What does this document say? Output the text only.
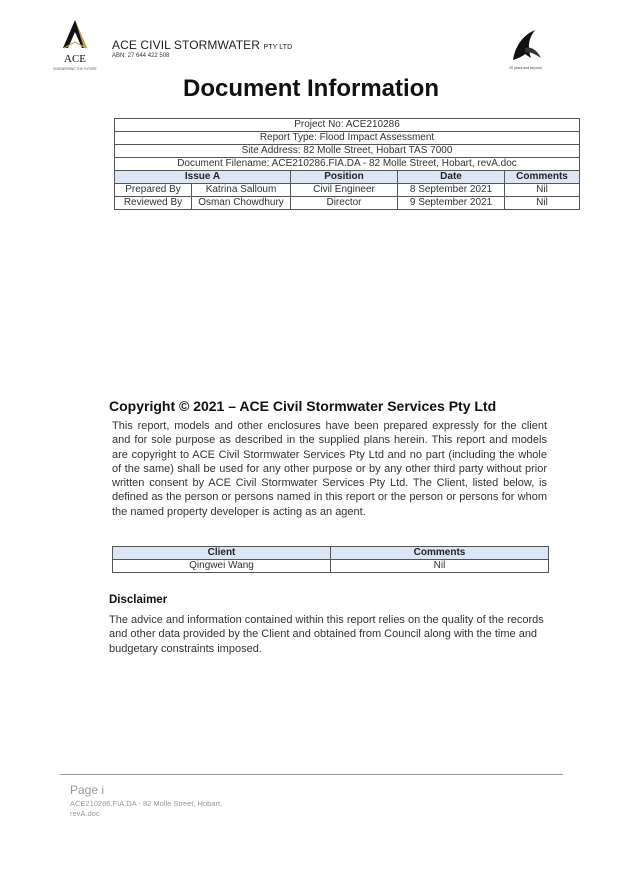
ACE
ENGINEERING THE FUTURE
ACE CIVIL STORMWATER PTY LTD
ABN: 27 644 422 508
25 years and beyond
Document Information
Project No: ACE210286				
Report Type: Flood Impact Assessment				
Site Address: 82 Molle Street, Hobart TAS 7000				
Document Filename: ACE210286.FIA.DA - 82 Molle Street, Hobart, revA.doc				
Issue A		Position	Date	Comments
Prepared By	Katrina Salloum	Civil Engineer	8 September 2021	Nil
Reviewed By	Osman Chowdhury	Director	9 September 2021	Nil
Copyright © 2021 – ACE Civil Stormwater Services Pty Ltd
This report, models and other enclosures have been prepared expressly for the client and for sole purpose as described in the supplied plans herein. This report and models are copyright to ACE Civil Stormwater Services Pty Ltd and no part (including the whole of the same) shall be used for any other purpose or by any other third party without prior written consent by ACE Civil Stormwater Services Pty Ltd. The Client, listed below, is defined as the person or persons named in this report or the person or persons for whom the named property developer is acting as an agent.
Client	Comments
Qingwei Wang	Nil
Disclaimer
The advice and information contained within this report relies on the quality of the records and other data provided by the Client and obtained from Council along with the time and budgetary constraints imposed.
Page i
ACE210286.FIA.DA - 82 Molle Street, Hobart, revA.doc
